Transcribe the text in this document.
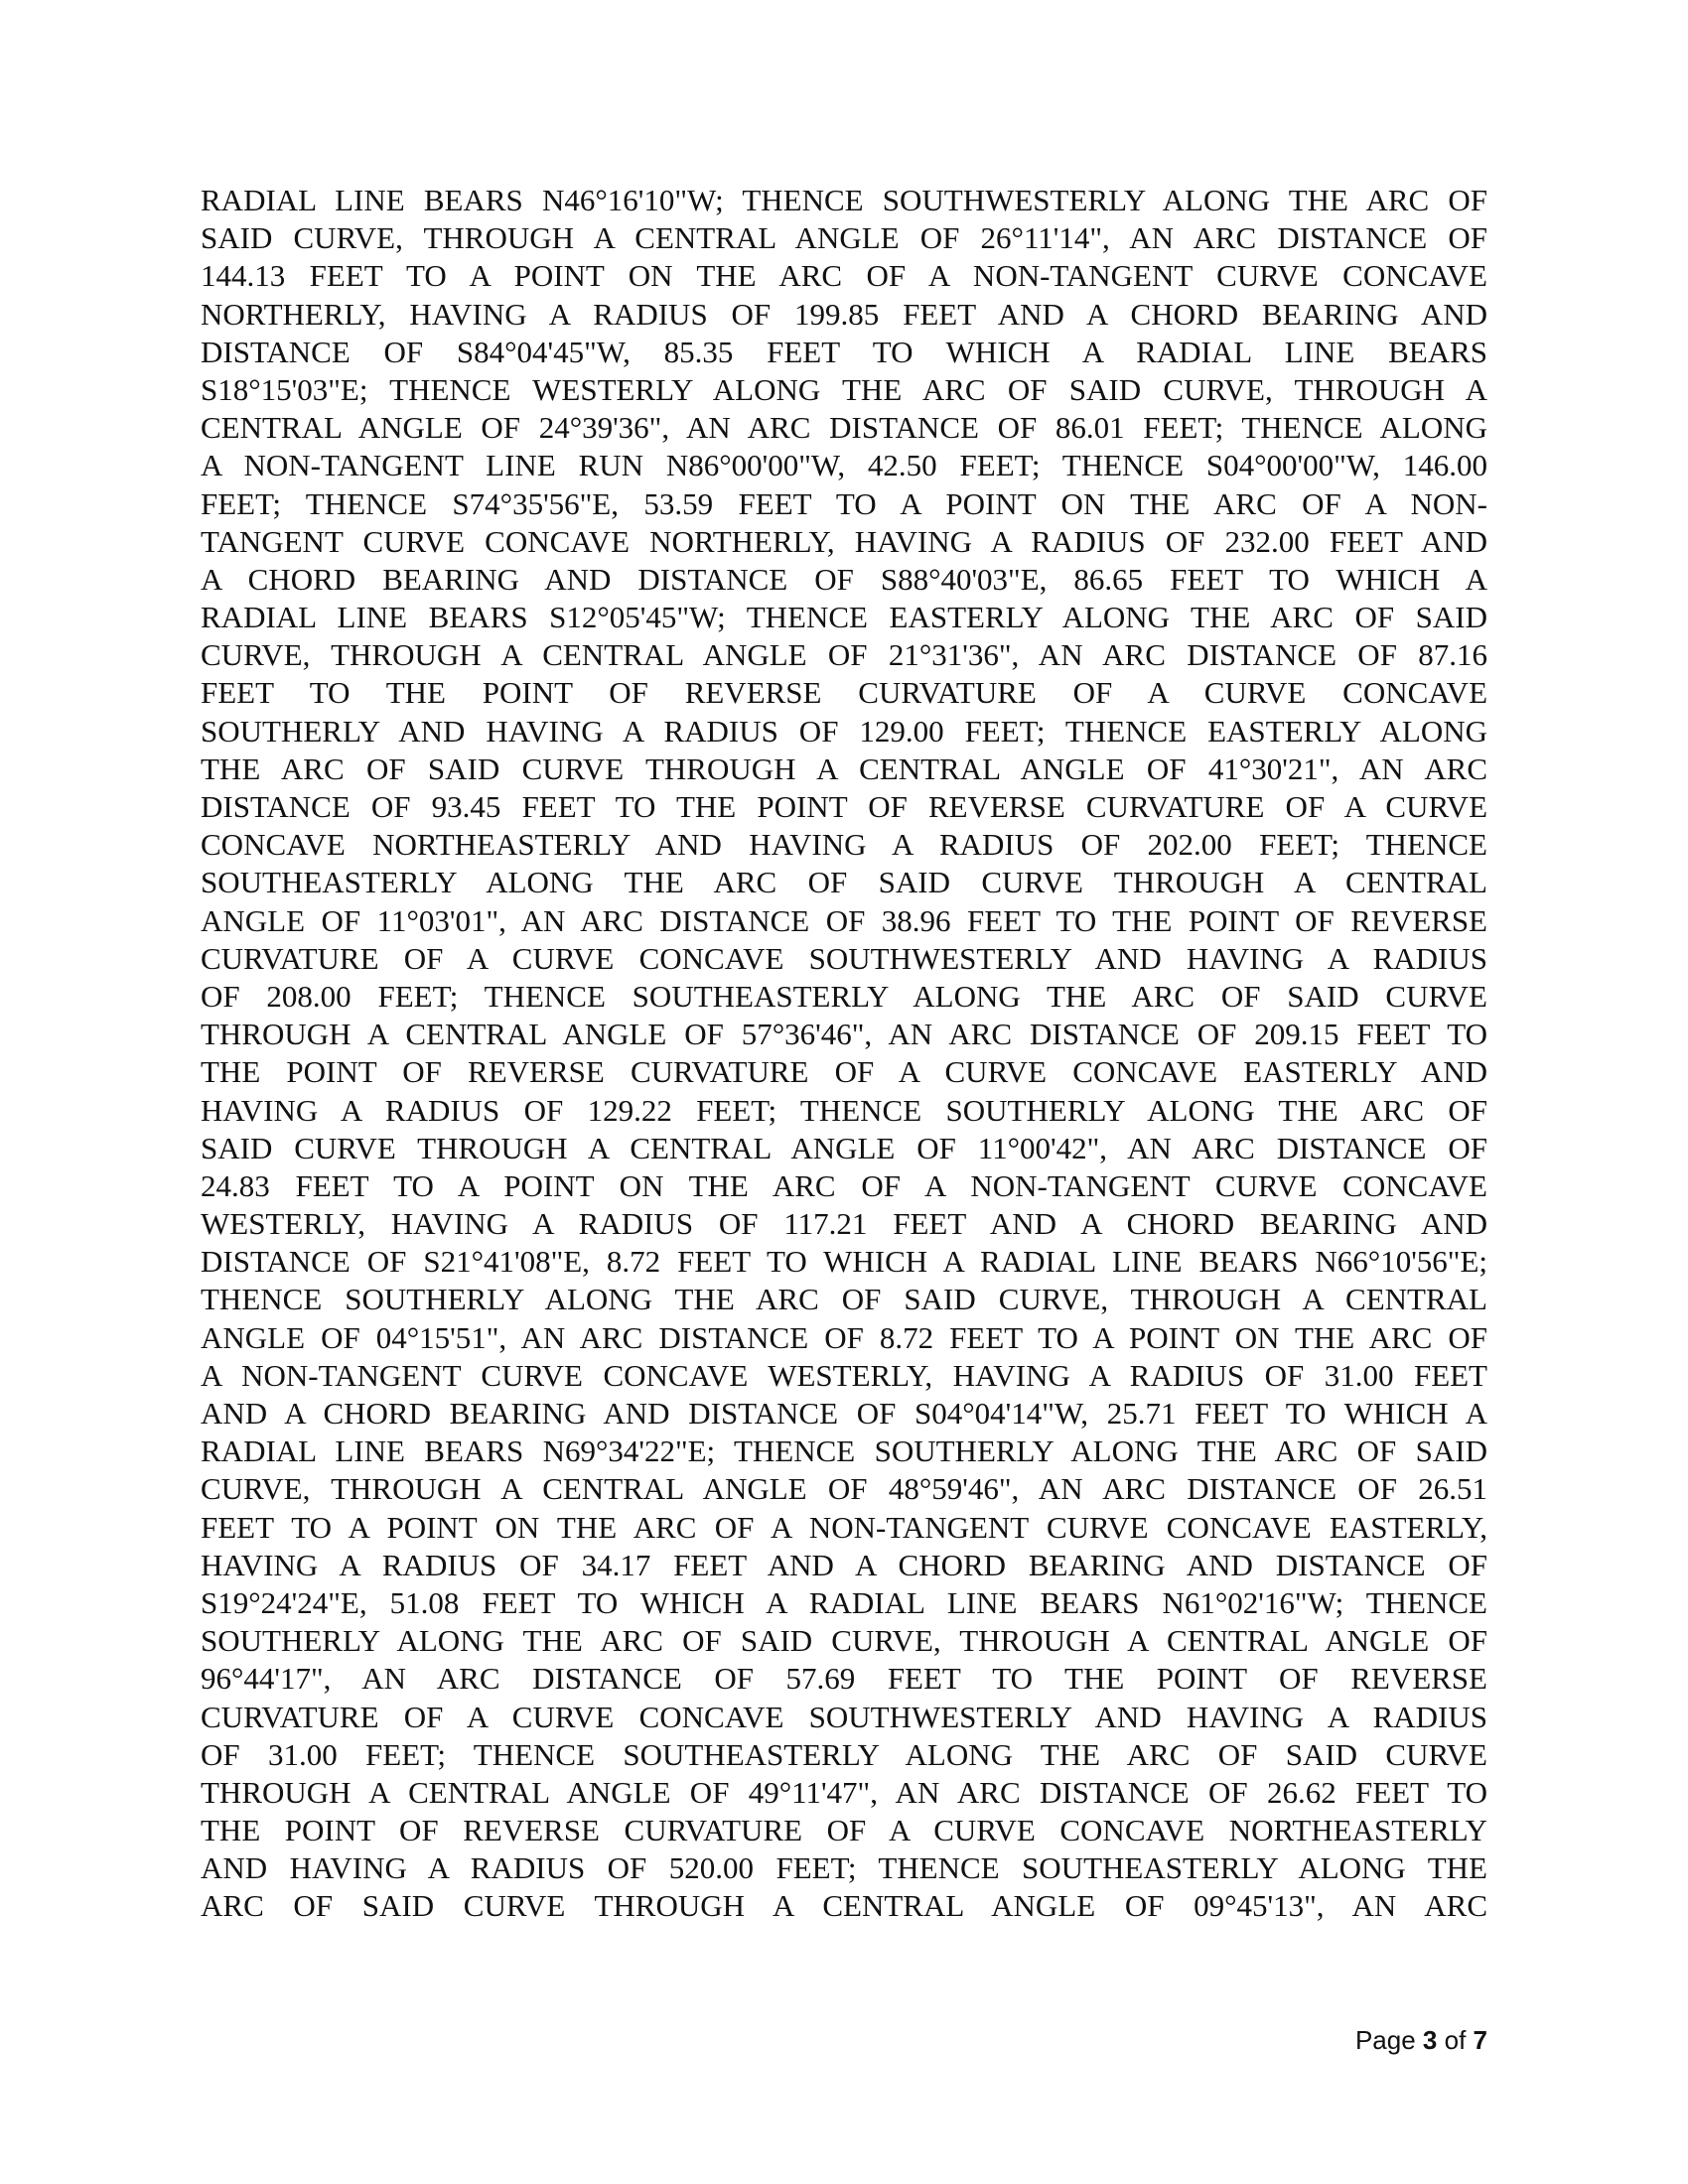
RADIAL LINE BEARS N46°16'10"W; THENCE SOUTHWESTERLY ALONG THE ARC OF
SAID CURVE, THROUGH A CENTRAL ANGLE OF 26°11'14", AN ARC DISTANCE OF
144.13 FEET TO A POINT ON THE ARC OF A NON-TANGENT CURVE CONCAVE
NORTHERLY, HAVING A RADIUS OF 199.85 FEET AND A CHORD BEARING AND
DISTANCE OF S84°04'45"W, 85.35 FEET TO WHICH A RADIAL LINE BEARS
S18°15'03"E; THENCE WESTERLY ALONG THE ARC OF SAID CURVE, THROUGH A
CENTRAL ANGLE OF 24°39'36", AN ARC DISTANCE OF 86.01 FEET; THENCE ALONG
A NON-TANGENT LINE RUN N86°00'00"W, 42.50 FEET; THENCE S04°00'00"W, 146.00
FEET; THENCE S74°35'56"E, 53.59 FEET TO A POINT ON THE ARC OF A NON-
TANGENT CURVE CONCAVE NORTHERLY, HAVING A RADIUS OF 232.00 FEET AND
A CHORD BEARING AND DISTANCE OF S88°40'03"E, 86.65 FEET TO WHICH A
RADIAL LINE BEARS S12°05'45"W; THENCE EASTERLY ALONG THE ARC OF SAID
CURVE, THROUGH A CENTRAL ANGLE OF 21°31'36", AN ARC DISTANCE OF 87.16
FEET TO THE POINT OF REVERSE CURVATURE OF A CURVE CONCAVE
SOUTHERLY AND HAVING A RADIUS OF 129.00 FEET; THENCE EASTERLY ALONG
THE ARC OF SAID CURVE THROUGH A CENTRAL ANGLE OF 41°30'21", AN ARC
DISTANCE OF 93.45 FEET TO THE POINT OF REVERSE CURVATURE OF A CURVE
CONCAVE NORTHEASTERLY AND HAVING A RADIUS OF 202.00 FEET; THENCE
SOUTHEASTERLY ALONG THE ARC OF SAID CURVE THROUGH A CENTRAL
ANGLE OF 11°03'01", AN ARC DISTANCE OF 38.96 FEET TO THE POINT OF REVERSE
CURVATURE OF A CURVE CONCAVE SOUTHWESTERLY AND HAVING A RADIUS
OF 208.00 FEET; THENCE SOUTHEASTERLY ALONG THE ARC OF SAID CURVE
THROUGH A CENTRAL ANGLE OF 57°36'46", AN ARC DISTANCE OF 209.15 FEET TO
THE POINT OF REVERSE CURVATURE OF A CURVE CONCAVE EASTERLY AND
HAVING A RADIUS OF 129.22 FEET; THENCE SOUTHERLY ALONG THE ARC OF
SAID CURVE THROUGH A CENTRAL ANGLE OF 11°00'42", AN ARC DISTANCE OF
24.83 FEET TO A POINT ON THE ARC OF A NON-TANGENT CURVE CONCAVE
WESTERLY, HAVING A RADIUS OF 117.21 FEET AND A CHORD BEARING AND
DISTANCE OF S21°41'08"E, 8.72 FEET TO WHICH A RADIAL LINE BEARS N66°10'56"E;
THENCE SOUTHERLY ALONG THE ARC OF SAID CURVE, THROUGH A CENTRAL
ANGLE OF 04°15'51", AN ARC DISTANCE OF 8.72 FEET TO A POINT ON THE ARC OF
A NON-TANGENT CURVE CONCAVE WESTERLY, HAVING A RADIUS OF 31.00 FEET
AND A CHORD BEARING AND DISTANCE OF S04°04'14"W, 25.71 FEET TO WHICH A
RADIAL LINE BEARS N69°34'22"E; THENCE SOUTHERLY ALONG THE ARC OF SAID
CURVE, THROUGH A CENTRAL ANGLE OF 48°59'46", AN ARC DISTANCE OF 26.51
FEET TO A POINT ON THE ARC OF A NON-TANGENT CURVE CONCAVE EASTERLY,
HAVING A RADIUS OF 34.17 FEET AND A CHORD BEARING AND DISTANCE OF
S19°24'24"E, 51.08 FEET TO WHICH A RADIAL LINE BEARS N61°02'16"W; THENCE
SOUTHERLY ALONG THE ARC OF SAID CURVE, THROUGH A CENTRAL ANGLE OF
96°44'17", AN ARC DISTANCE OF 57.69 FEET TO THE POINT OF REVERSE
CURVATURE OF A CURVE CONCAVE SOUTHWESTERLY AND HAVING A RADIUS
OF 31.00 FEET; THENCE SOUTHEASTERLY ALONG THE ARC OF SAID CURVE
THROUGH A CENTRAL ANGLE OF 49°11'47", AN ARC DISTANCE OF 26.62 FEET TO
THE POINT OF REVERSE CURVATURE OF A CURVE CONCAVE NORTHEASTERLY
AND HAVING A RADIUS OF 520.00 FEET; THENCE SOUTHEASTERLY ALONG THE
ARC OF SAID CURVE THROUGH A CENTRAL ANGLE OF 09°45'13", AN ARC
Page 3 of 7
